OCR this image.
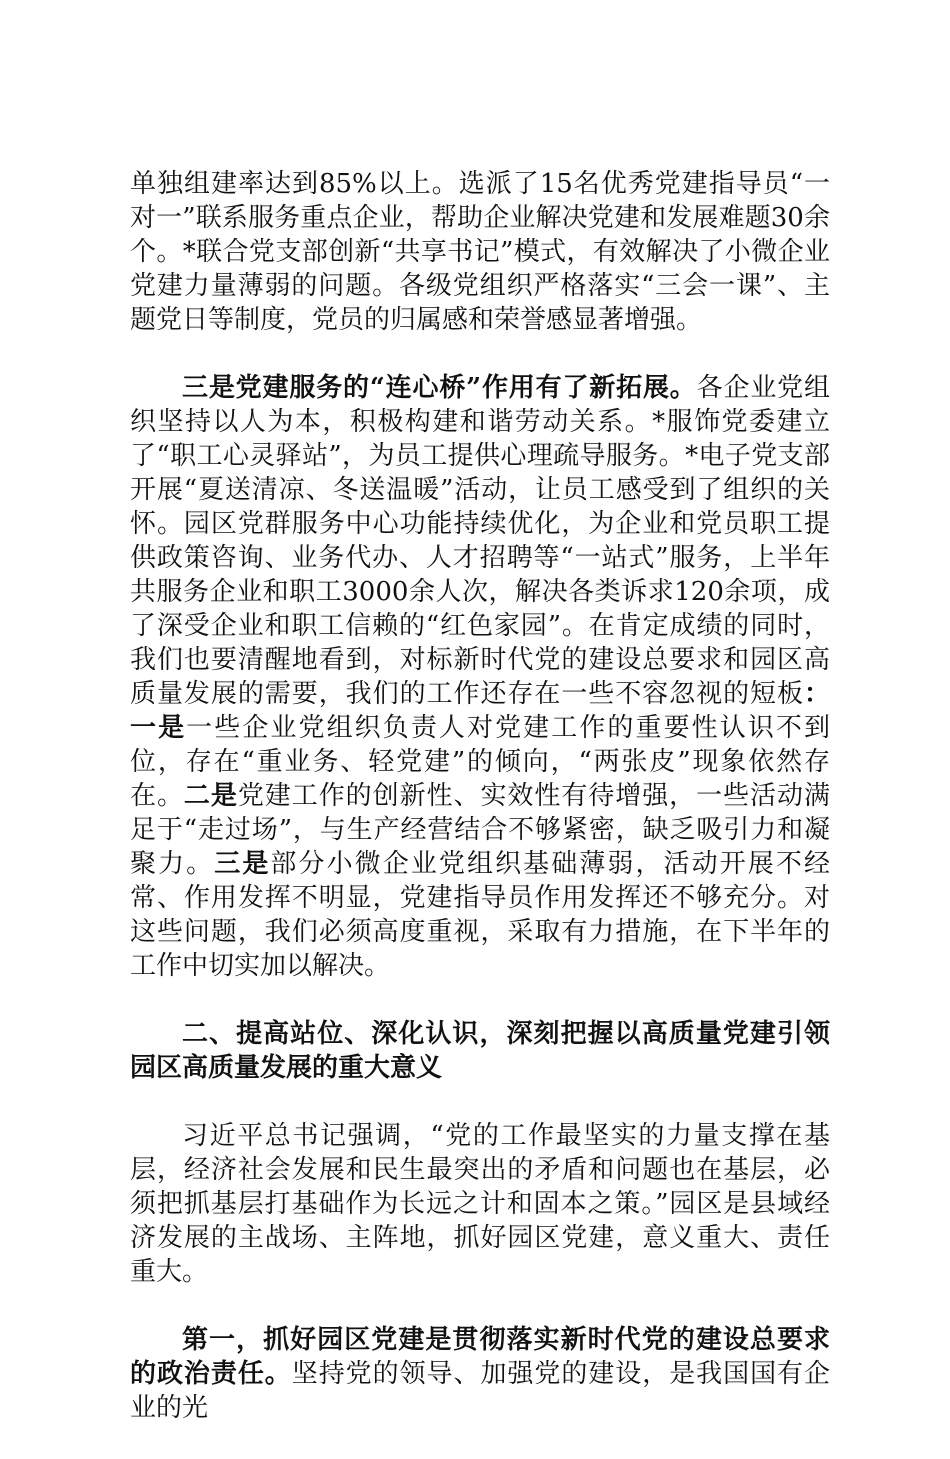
单独组建率达到85%以上。选派了15名优秀党建指导员“一对一”联系服务重点企业，帮助企业解决党建和发展难题30余个。*联合党支部创新“共享书记”模式，有效解决了小微企业党建力量薄弱的问题。各级党组织严格落实“三会一课”、主题党日等制度，党员的归属感和荣誉感显著增强。

三是党建服务的“连心桥”作用有了新拓展。各企业党组织坚持以人为本，积极构建和谐劳动关系。*服饰党委建立了“职工心灵驿站”，为员工提供心理疏导服务。*电子党支部开展“夏送清凉、冬送温暖”活动，让员工感受到了组织的关怀。园区党群服务中心功能持续优化，为企业和党员职工提供政策咨询、业务代办、人才招聘等“一站式”服务，上半年共服务企业和职工3000余人次，解决各类诉求120余项，成了深受企业和职工信赖的“红色家园”。在肯定成绩的同时，我们也要清醒地看到，对标新时代党的建设总要求和园区高质量发展的需要，我们的工作还存在一些不容忽视的短板：一是一些企业党组织负责人对党建工作的重要性认识不到位，存在“重业务、轻党建”的倾向，“两张皮”现象依然存在。二是党建工作的创新性、实效性有待增强，一些活动满足于“走过场”，与生产经营结合不够紧密，缺乏吸引力和凝聚力。三是部分小微企业党组织基础薄弱，活动开展不经常、作用发挥不明显，党建指导员作用发挥还不够充分。对这些问题，我们必须高度重视，采取有力措施，在下半年的工作中切实加以解决。

二、提高站位、深化认识，深刻把握以高质量党建引领园区高质量发展的重大意义

习近平总书记强调，“党的工作最坚实的力量支撑在基层，经济社会发展和民生最突出的矛盾和问题也在基层，必须把抓基层打基础作为长远之计和固本之策。”园区是县域经济发展的主战场、主阵地，抓好园区党建，意义重大、责任重大。

第一，抓好园区党建是贯彻落实新时代党的建设总要求的政治责任。坚持党的领导、加强党的建设，是我国国有企业的光
